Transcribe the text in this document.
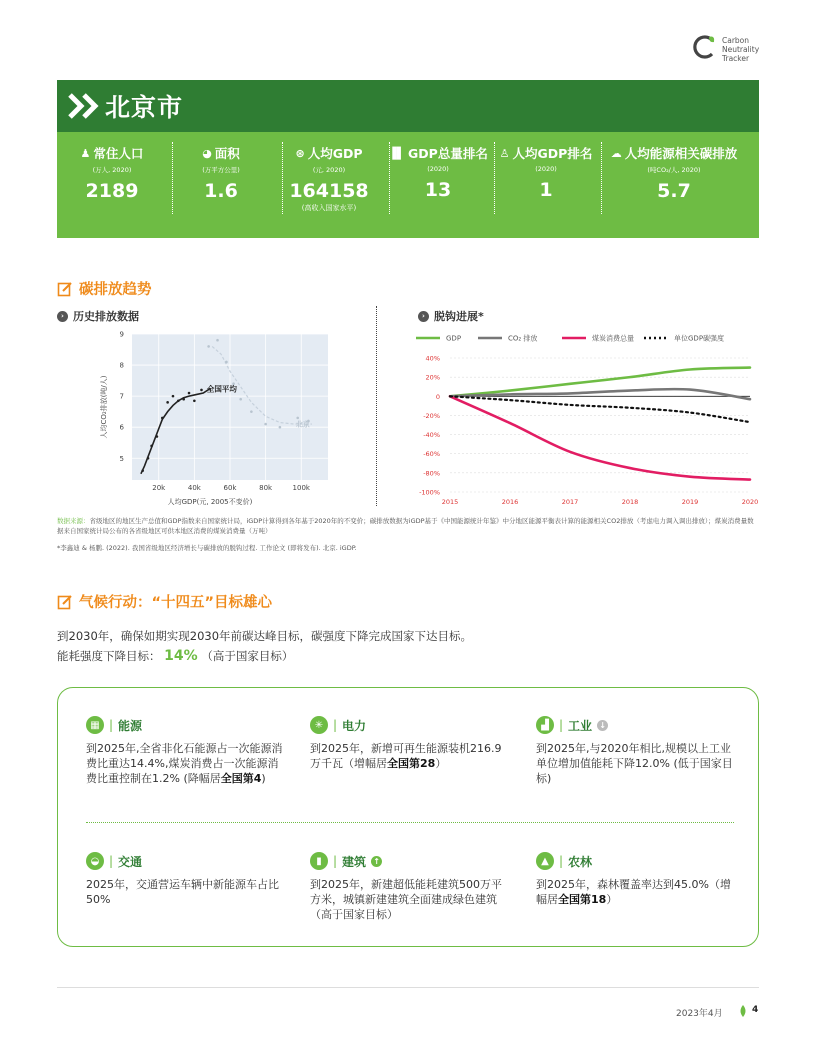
Carbon
Neutrality
Tracker
北京市
♟ 常住人口
(万人, 2020)
2189
◕ 面积
(万平方公里)
1.6
⊛ 人均GDP
(元, 2020)
164158
(高收入国家水平)
▐▌ GDP总量排名
(2020)
13
♙ 人均GDP排名
(2020)
1
☁ 人均能源相关碳排放
(吨CO₂/人, 2020)
5.7
碳排放趋势
› 历史排放数据	› 脱钩进展*
20k	40k	60k	80k	100k
5
6
7
8
9
人均GDP(元, 2005不变价)
人均CO₂排放(吨/人)	全国平均
北京
GDP	CO₂ 排放	煤炭消费总量	单位GDP碳强度
40%
20%
0
-20%
-40%
-60%
-80%
-100%
2015	2016	2017	2018	2019	2020
数据来源：省级地区的地区生产总值和GDP指数来自国家统计局，iGDP计算得到各年基于2020年的不变价；碳排放数据为iGDP基于《中国能源统计年鉴》中分地区能源平衡表计算的能源相关CO2排放（考虑电力调入调出排放）；煤炭消费量数据来自国家统计局公布的各省级地区可供本地区消费的煤炭消费量（万吨）
*李鑫迪 & 杨鹏. (2022). 我国省级地区经济增长与碳排放的脱钩过程. 工作论文 (即将发布). 北京. iGDP.
气候行动：“十四五”目标雄心
到2030年，确保如期实现2030年前碳达峰目标，碳强度下降完成国家下达目标。
能耗强度下降目标： 14% （高于国家目标）
▦ | 能源
到2025年,全省非化石能源占一次能源消费比重达14.4%,煤炭消费占一次能源消费比重控制在1.2% (降幅居全国第4)
✳ | 电力
到2025年，新增可再生能源装机216.9万千瓦（增幅居全国第28）
▟ | 工业 ↓
到2025年,与2020年相比,规模以上工业单位增加值能耗下降12.0% (低于国家目标)
◒ | 交通
2025年，交通营运车辆中新能源车占比50%
▮ | 建筑 ↑
到2025年，新建超低能耗建筑500万平方米，城镇新建建筑全面建成绿色建筑（高于国家目标）
▲ | 农林
到2025年，森林覆盖率达到45.0%（增幅居全国第18）
2023年4月	4
